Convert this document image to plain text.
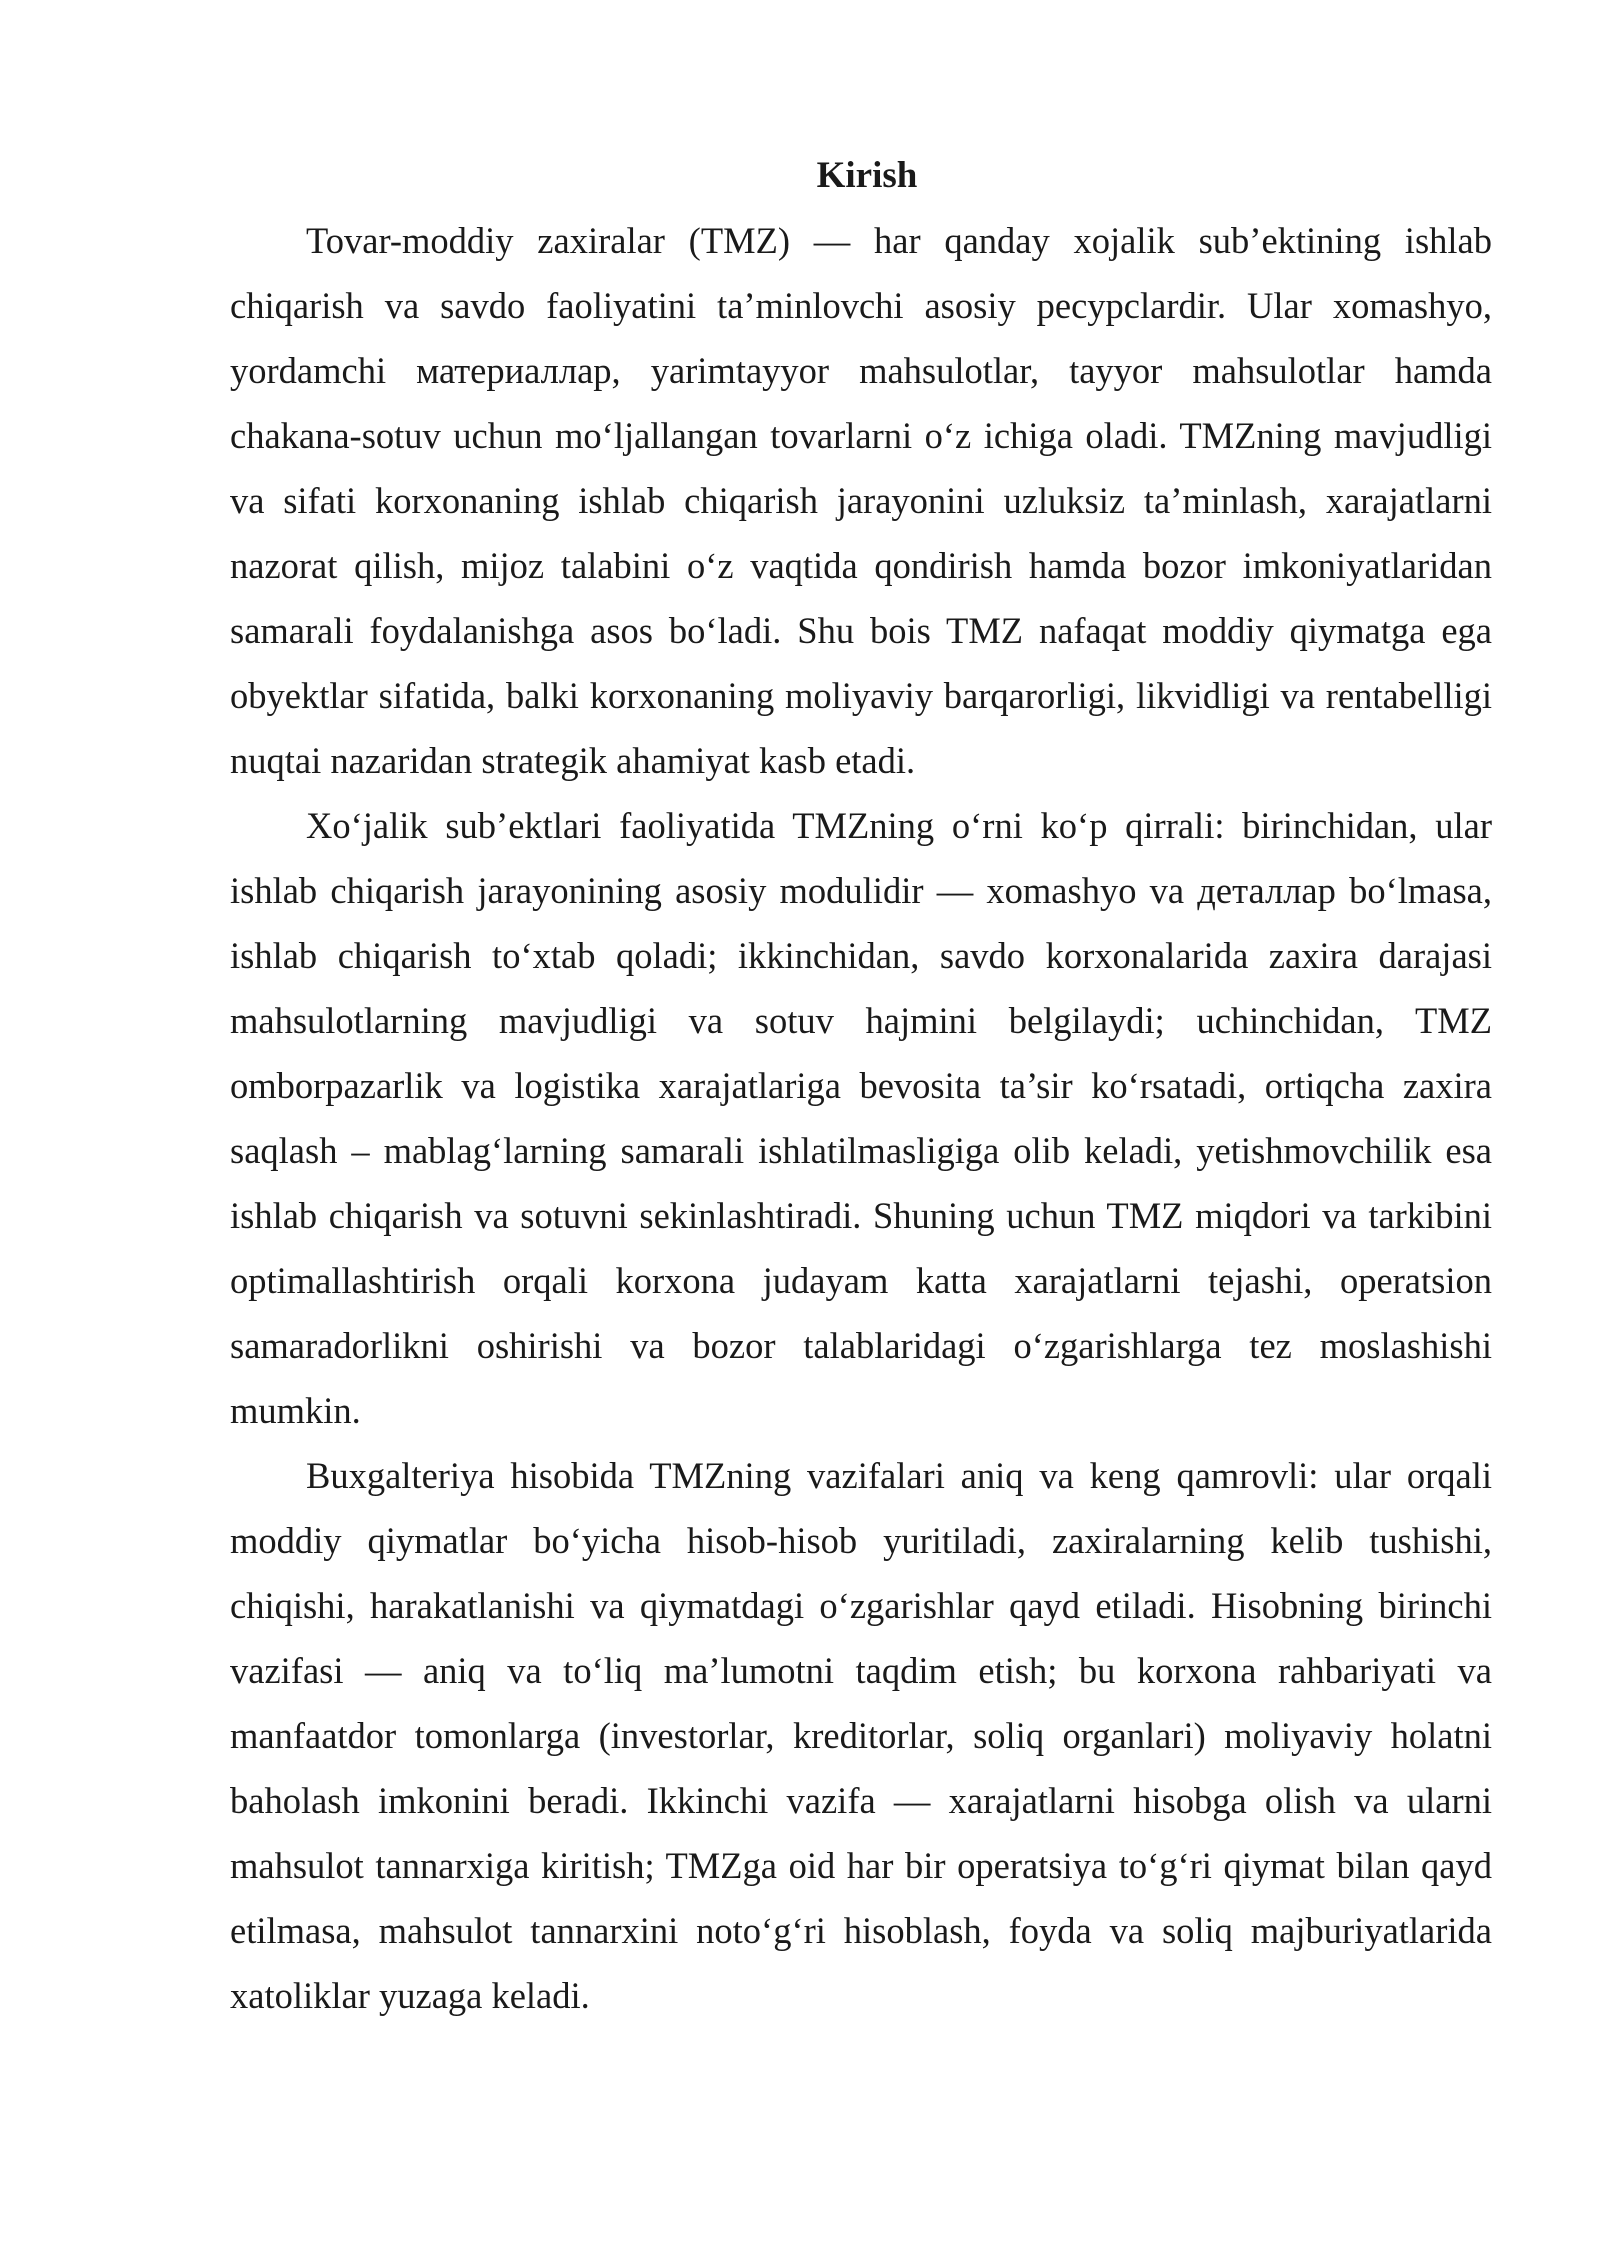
Kirish

Tovar-moddiy zaxiralar (TMZ) — har qanday xojalik sub’ektining ishlab chiqarish va savdo faoliyatini ta’minlovchi asosiy pecypclardir. Ular xomashyo, yordamchi материаллар, yarimtayyor mahsulotlar, tayyor mahsulotlar hamda chakana-sotuv uchun mo‘ljallangan tovarlarni o‘z ichiga oladi. TMZning mavjudligi va sifati korxonaning ishlab chiqarish jarayonini uzluksiz ta’minlash, xarajatlarni nazorat qilish, mijoz talabini o‘z vaqtida qondirish hamda bozor imkoniyatlaridan samarali foydalanishga asos bo‘ladi. Shu bois TMZ nafaqat moddiy qiymatga ega obyektlar sifatida, balki korxonaning moliyaviy barqarorligi, likvidligi va rentabelligi nuqtai nazaridan strategik ahamiyat kasb etadi.

Xo‘jalik sub’ektlari faoliyatida TMZning o‘rni ko‘p qirrali: birinchidan, ular ishlab chiqarish jarayonining asosiy modulidir — xomashyo va деталлар bo‘lmasa, ishlab chiqarish to‘xtab qoladi; ikkinchidan, savdo korxonalarida zaxira darajasi mahsulotlarning mavjudligi va sotuv hajmini belgilaydi; uchinchidan, TMZ omborpazarlik va logistika xarajatlariga bevosita ta’sir ko‘rsatadi, ortiqcha zaxira saqlash – mablag‘larning samarali ishlatilmasligiga olib keladi, yetishmovchilik esa ishlab chiqarish va sotuvni sekinlashtiradi. Shuning uchun TMZ miqdori va tarkibini optimallashtirish orqali korxona judayam katta xarajatlarni tejashi, operatsion samaradorlikni oshirishi va bozor talablaridagi o‘zgarishlarga tez moslashishi mumkin.

Buxgalteriya hisobida TMZning vazifalari aniq va keng qamrovli: ular orqali moddiy qiymatlar bo‘yicha hisob-hisob yuritiladi, zaxiralarning kelib tushishi, chiqishi, harakatlanishi va qiymatdagi o‘zgarishlar qayd etiladi. Hisobning birinchi vazifasi — aniq va to‘liq ma’lumotni taqdim etish; bu korxona rahbariyati va manfaatdor tomonlarga (investorlar, kreditorlar, soliq organlari) moliyaviy holatni baholash imkonini beradi. Ikkinchi vazifa — xarajatlarni hisobga olish va ularni mahsulot tannarxiga kiritish; TMZga oid har bir operatsiya to‘g‘ri qiymat bilan qayd etilmasa, mahsulot tannarxini noto‘g‘ri hisoblash, foyda va soliq majburiyatlarida xatoliklar yuzaga keladi.
